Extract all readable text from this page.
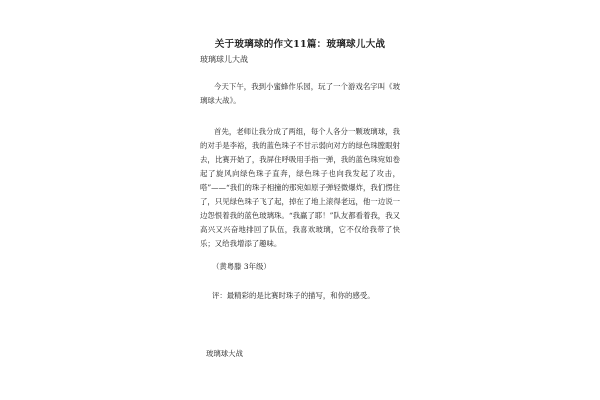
关于玻璃球的作文11篇：玻璃球儿大战
玻璃球儿大战

今天下午，我到小蜜蜂作乐园，玩了一个游戏名字叫《玻璃球大战》。

首先，老师让我分成了两组，每个人各分一颗玻璃球，我的对手是李裕，我的蓝色珠子不甘示弱向对方的绿色珠膛眼射去，比赛开始了，我屏住呼吸用手指一弹，我的蓝色珠宛如卷起了旋风向绿色珠子直奔，绿色珠子也向我发起了攻击，嗒”——“我们的珠子相撞的那宛如原子弹轻微爆炸，我们愣住了，只见绿色珠子飞了起，掉在了地上滚得老远，他一边说一边怨恨着我的蓝色玻璃珠。“我赢了耶！”队友都看着我，我又高兴又兴奋地排回了队伍，我喜欢玻璃，它不仅给我带了快乐；又给我增添了趣味。

（黄粤滕 3年级）
评：最精彩的是比赛时珠子的描写，和你的感受。
玻璃球大战
